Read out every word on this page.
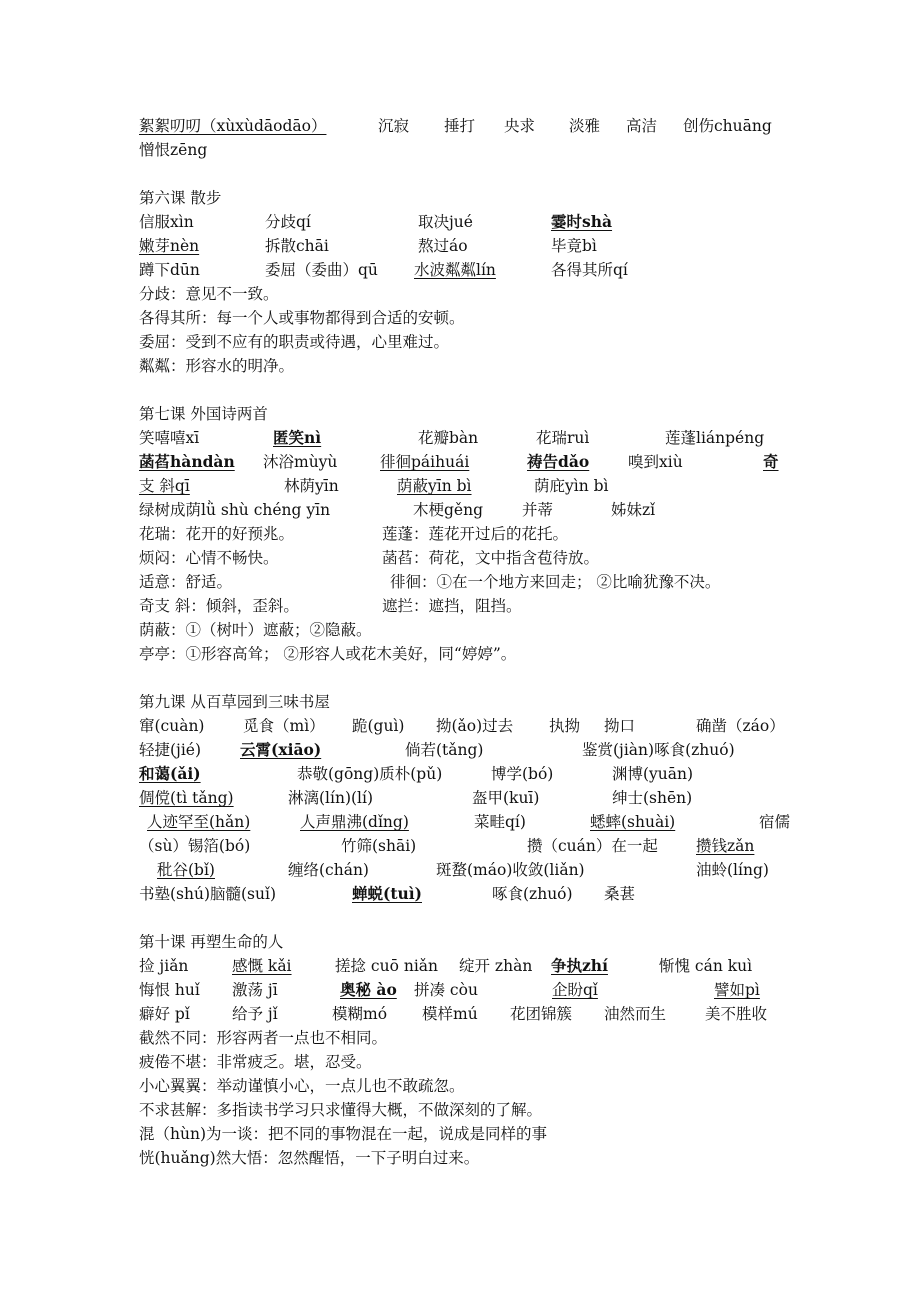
絮絮叨叨（xùxùdāodāo）	沉寂 捶打 央求 淡雅 高洁 创伤chuāng
憎恨zēng
第六课 散步
信服xìn	分歧qí	取决jué	霎时shà
嫩芽nèn	拆散chāi	熬过áo	毕竟bì
蹲下dūn	委屈（委曲）qū 水波粼粼lín	各得其所qí
分歧：意见不一致。
各得其所：每一个人或事物都得到合适的安顿。
委屈：受到不应有的职责或待遇，心里难过。
粼粼：形容水的明净。
第七课 外国诗两首
笑嘻嘻xī	匿笑nì	花瓣bàn	花瑞ruì	莲蓬liánpéng
菡萏hàndàn 沐浴mùyù	徘徊páihuái	祷告dǎo	嗅到xiù	奇
支 斜qī	林荫yīn	荫蔽yīn bì	荫庇yìn bì
绿树成荫lǜ shù chéng yīn	木梗gěng	并蒂	姊妹zǐ
花瑞：花开的好预兆。	莲蓬：莲花开过后的花托。
烦闷：心情不畅快。	菡萏：荷花，文中指含苞待放。
适意：舒适。	徘徊：①在一个地方来回走； ②比喻犹豫不决。
奇支 斜：倾斜，歪斜。	遮拦：遮挡，阻挡。
荫蔽：①（树叶）遮蔽；②隐蔽。
亭亭：①形容高耸； ②形容人或花木美好，同“婷婷”。
第九课 从百草园到三味书屋
窜(cuàn) 觅食（mì） 跪(guì) 拗(ǎo)过去 执拗 拗口	确凿（záo）
轻捷(jié)	云霄(xiāo)	倘若(tǎng)	鉴赏(jiàn)啄食(zhuó)
和蔼(ǎi)	恭敬(gōng)质朴(pǔ)	博学(bó)	渊博(yuān)
倜傥(tì tǎng)	淋漓(lín)(lí)	盔甲(kuī)	绅士(shēn)
人迹罕至(hǎn)	人声鼎沸(dǐng)	菜畦qí)	蟋蟀(shuài)	宿儒
（sù）锡箔(bó)	竹筛(shāi)	攒（cuán）在一起 攒钱zǎn
秕谷(bǐ)	缠络(chán)	斑蝥(máo)收敛(liǎn)	油蛉(líng)
书塾(shú)脑髓(suǐ)	蝉蜕(tuì)	啄食(zhuó) 桑葚
第十课 再塑生命的人
捡 jiǎn	感慨 kǎi	搓捻 cuō niǎn 绽开 zhàn 争执zhí	惭愧 cán kuì
悔恨 huǐ 激荡 jī	奥秘 ào 拼凑 còu	企盼qǐ	譬如pì
癖好 pǐ	给予 jǐ	模糊mó 模样mú 花团锦簇 油然而生	美不胜收
截然不同：形容两者一点也不相同。
疲倦不堪：非常疲乏。堪，忍受。
小心翼翼：举动谨慎小心，一点儿也不敢疏忽。
不求甚解：多指读书学习只求懂得大概，不做深刻的了解。
混（hùn)为一谈：把不同的事物混在一起，说成是同样的事
恍(huǎng)然大悟：忽然醒悟，一下子明白过来。
